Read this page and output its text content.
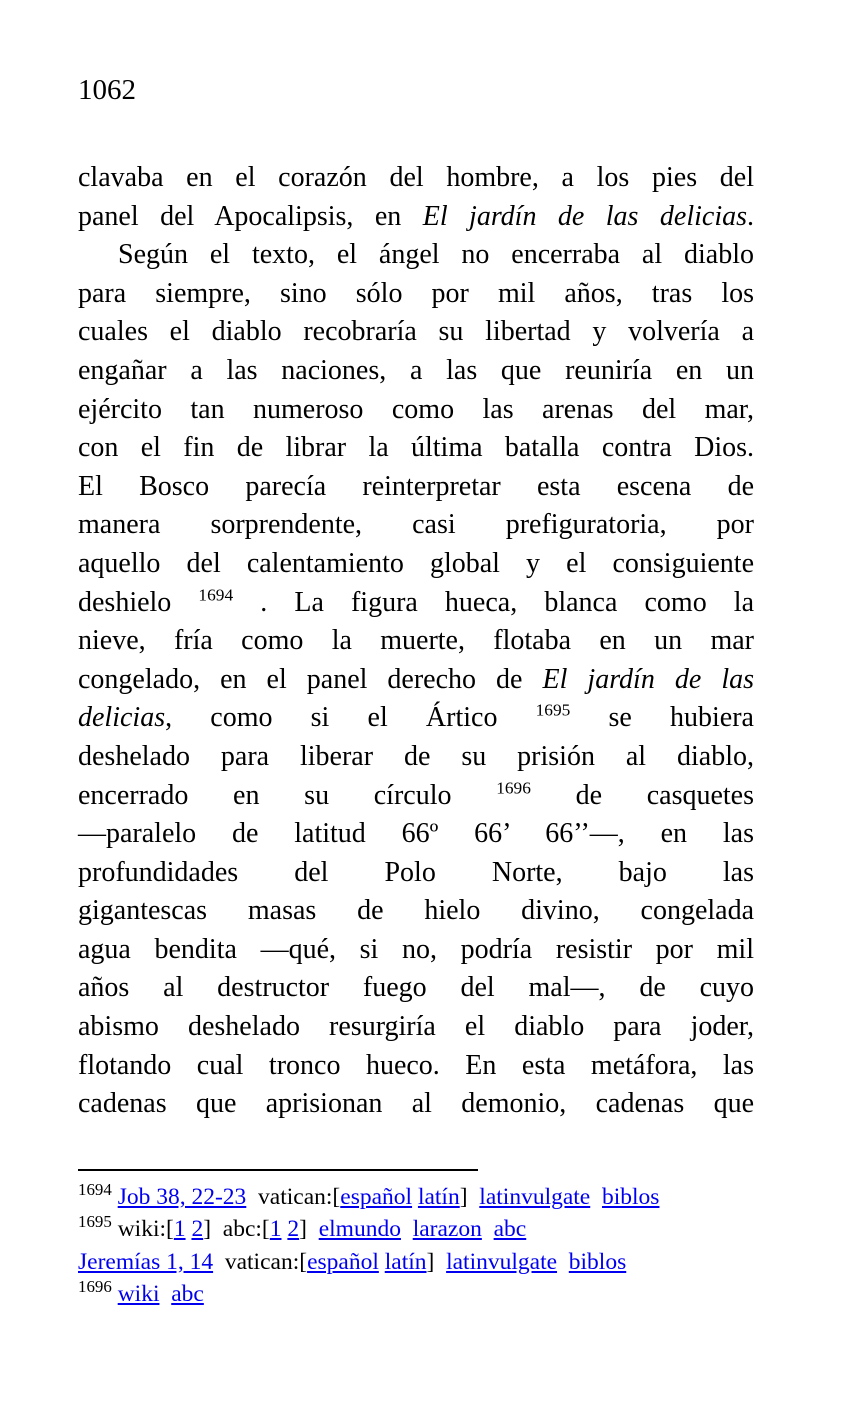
1062
clavaba en el corazón del hombre, a los pies del
panel del Apocalipsis, en El jardín de las delicias.
Según el texto, el ángel no encerraba al diablo
para siempre, sino sólo por mil años, tras los
cuales el diablo recobraría su libertad y volvería a
engañar a las naciones, a las que reuniría en un
ejército tan numeroso como las arenas del mar,
con el fin de librar la última batalla contra Dios.
El Bosco parecía reinterpretar esta escena de
manera sorprendente, casi prefiguratoria, por
aquello del calentamiento global y el consiguiente
deshielo $^{1694}$ . La figura hueca, blanca como la
nieve, fría como la muerte, flotaba en un mar
congelado, en el panel derecho de El jardín de las
delicias, como si el Ártico $^{1695}$ se hubiera
deshelado para liberar de su prisión al diablo,
encerrado en su círculo $^{1696}$ de casquetes
—paralelo de latitud 66º 66’ 66’’—, en las
profundidades del Polo Norte, bajo las
gigantescas masas de hielo divino, congelada
agua bendita —qué, si no, podría resistir por mil
años al destructor fuego del mal—, de cuyo
abismo deshelado resurgiría el diablo para joder,
flotando cual tronco hueco. En esta metáfora, las
cadenas que aprisionan al demonio, cadenas que
$^{1694}$ Job 38, 22-23  vatican:[español latín]  latinvulgate biblos
$^{1695}$ wiki:[1 2]  abc:[1 2]  elmundo larazon abc
Jeremías 1, 14  vatican:[español latín]  latinvulgate biblos
$^{1696}$ wiki abc
